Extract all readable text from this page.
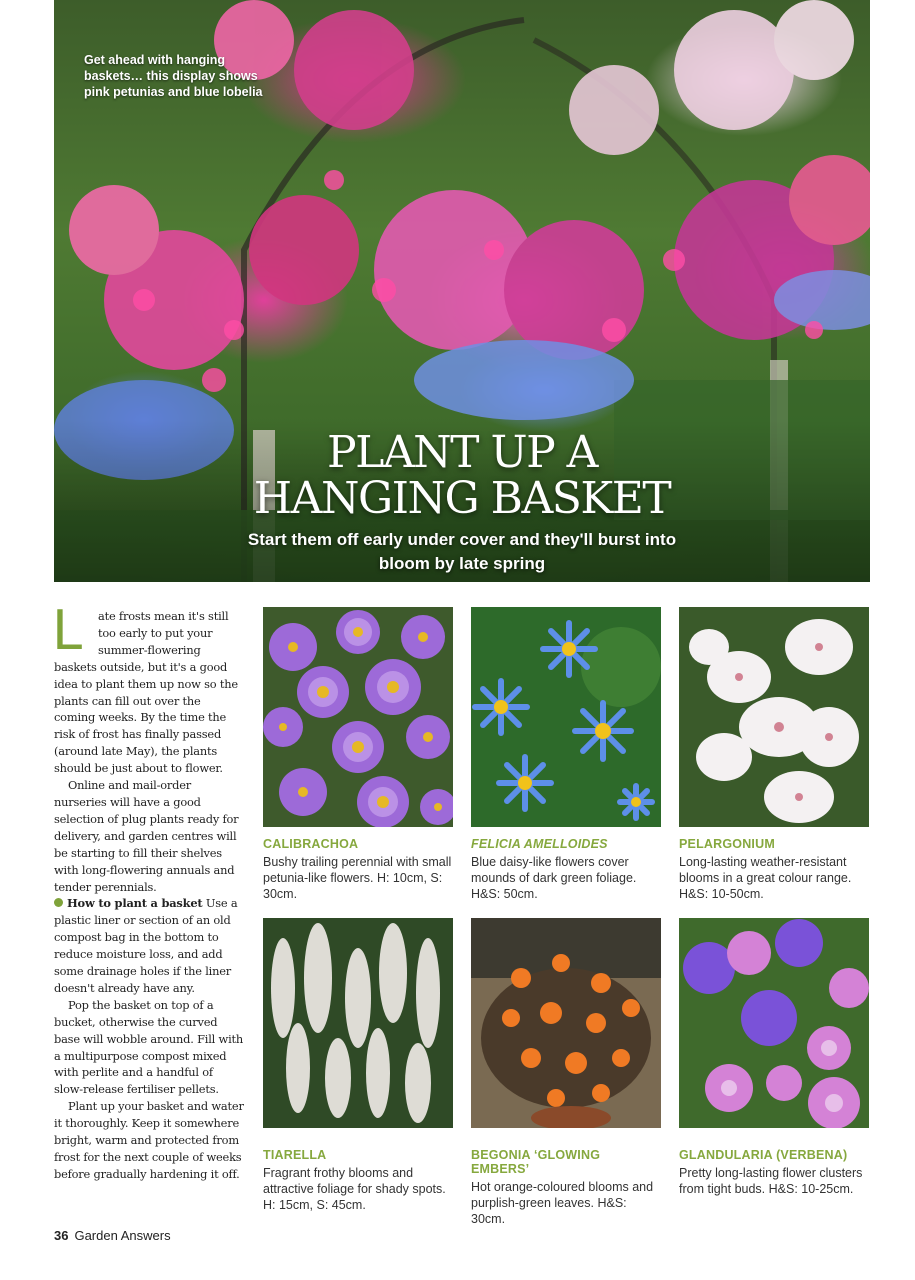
Get ahead with hanging baskets… this display shows pink petunias and blue lobelia
PLANT UP A
HANGING BASKET
Start them off early under cover and they'll burst into bloom by late spring

L	ate frosts mean it's still too early to put your summer-flowering baskets outside, but it's a good idea to plant them up now so the plants can fill out over the coming weeks. By the time the risk of frost has finally passed (around late May), the plants should be just about to flower.

Online and mail-order nurseries will have a good selection of plug plants ready for delivery, and garden centres will be starting to fill their shelves with long-flowering annuals and tender perennials.

How to plant a basket Use a plastic liner or section of an old compost bag in the bottom to reduce moisture loss, and add some drainage holes if the liner doesn't already have any.

Pop the basket on top of a bucket, otherwise the curved base will wobble around. Fill with a multipurpose compost mixed with perlite and a handful of slow-release fertiliser pellets.

Plant up your basket and water it thoroughly. Keep it somewhere bright, warm and protected from frost for the next couple of weeks before gradually hardening it off.

CALIBRACHOA
Bushy trailing perennial with small petunia-like flowers. H: 10cm, S: 30cm.
FELICIA AMELLOIDES
Blue daisy-like flowers cover mounds of dark green foliage. H&S: 50cm.
PELARGONIUM
Long-lasting weather-resistant blooms in a great colour range. H&S: 10-50cm.
TIARELLA
Fragrant frothy blooms and attractive foliage for shady spots. H: 15cm, S: 45cm.
BEGONIA ‘GLOWING EMBERS’
Hot orange-coloured blooms and purplish-green leaves. H&S: 30cm.
GLANDULARIA (VERBENA)
Pretty long-lasting flower clusters from tight buds. H&S: 10-25cm.
36 Garden Answers
